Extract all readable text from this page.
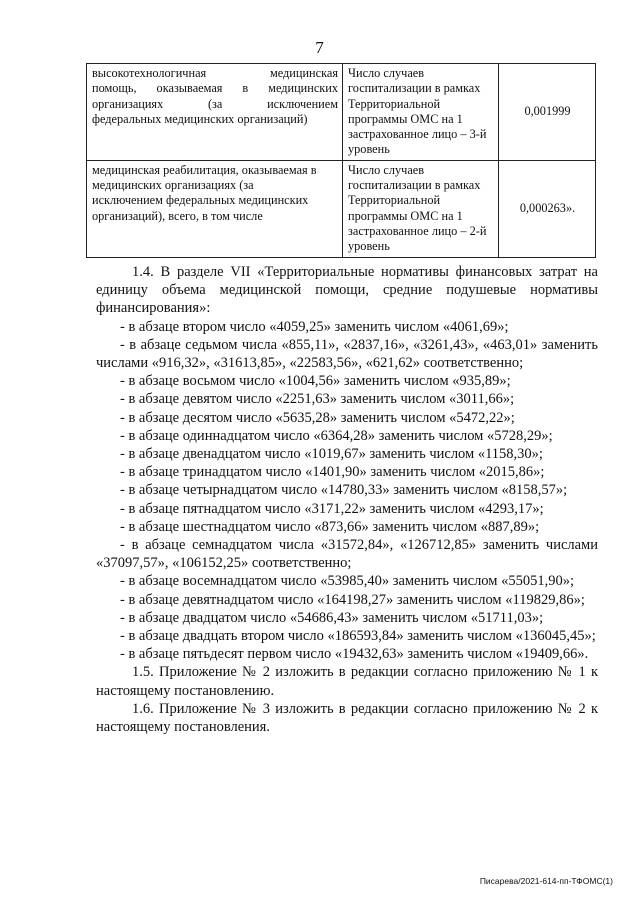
7
высокотехнологичная медицинская
помощь, оказываемая в медицинских
организациях (за исключением
федеральных медицинских организаций)	Число случаев госпитализации в рамках Территориальной программы ОМС на 1 застрахованное лицо – 3-й уровень	0,001999

медицинская реабилитация, оказываемая в
медицинских организациях (за
исключением федеральных медицинских
организаций), всего, в том числе	Число случаев госпитализации в рамках Территориальной программы ОМС на 1 застрахованное лицо – 2-й уровень	0,000263».

1.4. В разделе VII «Территориальные нормативы финансовых затрат на единицу объема медицинской помощи, средние подушевые нормативы финансирования»:

- в абзаце втором число «4059,25» заменить числом «4061,69»;

- в абзаце седьмом числа «855,11», «2837,16», «3261,43», «463,01» заменить числами «916,32», «31613,85», «22583,56», «621,62» соответственно;

- в абзаце восьмом число «1004,56» заменить числом «935,89»;

- в абзаце девятом число «2251,63» заменить числом «3011,66»;

- в абзаце десятом число «5635,28» заменить числом «5472,22»;

- в абзаце одиннадцатом число «6364,28» заменить числом «5728,29»;

- в абзаце двенадцатом число «1019,67» заменить числом «1158,30»;

- в абзаце тринадцатом число «1401,90» заменить числом «2015,86»;

- в абзаце четырнадцатом число «14780,33» заменить числом «8158,57»;

- в абзаце пятнадцатом число «3171,22» заменить числом «4293,17»;

- в абзаце шестнадцатом число «873,66» заменить числом «887,89»;

- в абзаце семнадцатом числа «31572,84», «126712,85» заменить числами «37097,57», «106152,25» соответственно;

- в абзаце восемнадцатом число «53985,40» заменить числом «55051,90»;

- в абзаце девятнадцатом число «164198,27» заменить числом «119829,86»;

- в абзаце двадцатом число «54686,43» заменить числом «51711,03»;

- в абзаце двадцать втором число «186593,84» заменить числом «136045,45»;

- в абзаце пятьдесят первом число «19432,63» заменить числом «19409,66».

1.5. Приложение № 2 изложить в редакции согласно приложению № 1 к настоящему постановлению.

1.6. Приложение № 3 изложить в редакции согласно приложению № 2 к настоящему постановления.

Писарева/2021-614-пп-ТФОМС(1)
